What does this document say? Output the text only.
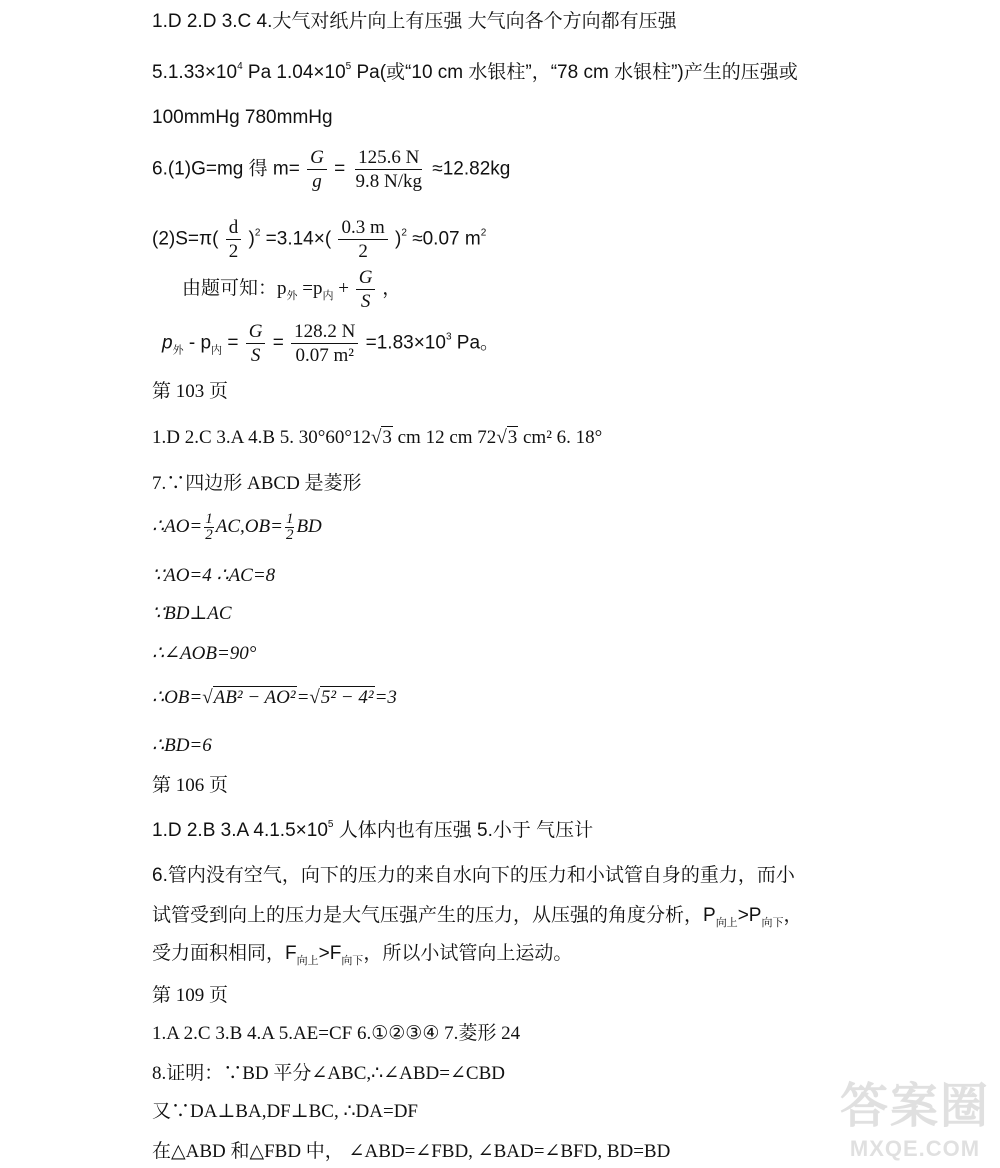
1.D 2.D 3.C 4.大气对纸片向上有压强 大气向各个方向都有压强
$5.1.33\times 10^4$ Pa $1.04\times 10^5$ Pa(或“10 cm 水银柱”，“78 cm 水银柱”)产生的压强或
100mmHg 780mmHg
6.(1)G=mg 得 $m= \frac{G}{g} = \frac{125.6 N}{9.8 N/kg} \approx 12.82kg$
$(2)S=\pi( \frac{d}{2} )^2 =3.14\times( \frac{0.3 m}{2} )^2 \approx 0.07$ $m^2$
由题可知：$p_外 =p_内 + \frac{G}{S}$ ，
$p_外 - p_内 = \frac{G}{S} = \frac{128.2 N}{\text{0.07 m²}} =1.83\times 10^3$ Pa。
第 103 页
1.D 2.C 3.A 4.B 5. 30°60°12√3 cm 12 cm 72√3 cm² 6. 18°
7.∵四边形 ABCD 是菱形
∴AO= $\frac{1}{2} AC,OB= \frac{1}{2}$ BD
∵AO=4 ∴AC=8
∵BD⊥AC
∴∠AOB=90°
∴OB=√AB² − AO²=√5² − 4²=3
∴BD=6
第 106 页
1.D 2.B 3.A $4.1.5\times 10^5$ 人体内也有压强 5.小于 气压计
6.管内没有空气，向下的压力的来自水向下的压力和小试管自身的重力，而小
试管受到向上的压力是大气压强产生的压力，从压强的角度分析，$P_{向上}>P_{向下}$，
受力面积相同，$F_{向上}>F_{向下}$，所以小试管向上运动。
第 109 页
1.A 2.C 3.B 4.A 5.AE=CF 6.①②③④ 7.菱形 24
8.证明：∵BD 平分∠ABC,∴∠ABD=∠CBD
又∵DA⊥BA,DF⊥BC, ∴DA=DF
在△ABD 和△FBD 中， ∠ABD=∠FBD, ∠BAD=∠BFD, BD=BD
答案圈
MXQE.COM
